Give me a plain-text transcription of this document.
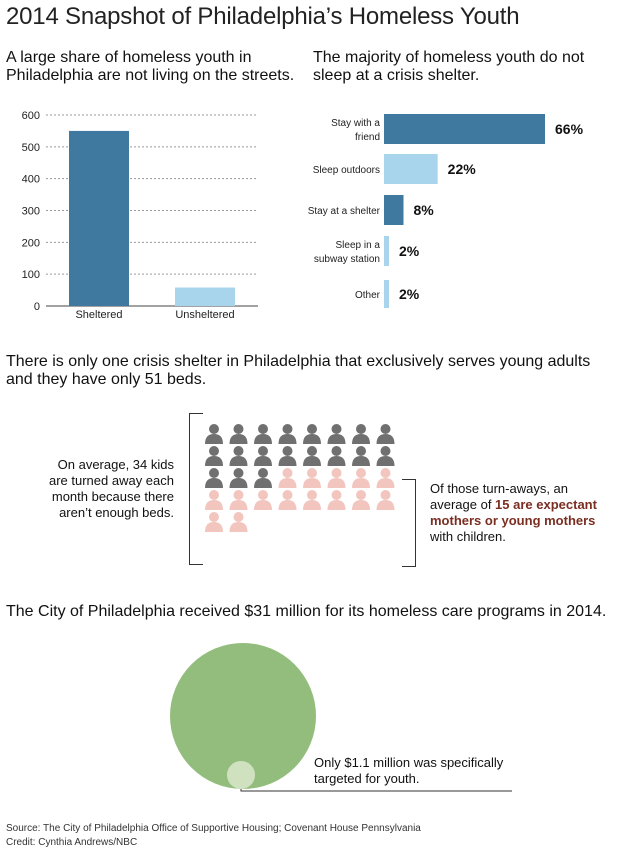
2014 Snapshot of Philadelphia’s Homeless Youth
A large share of homeless youth in Philadelphia are not living on the streets.
The majority of homeless youth do not sleep at a crisis shelter.
0
100
200
300
400
500
600
Sheltered	Unsheltered
Stay with a friend
66%
Sleep outdoors	22%
Stay at a shelter 8%
Sleep in a subway station
2%
Other 2%
There is only one crisis shelter in Philadelphia that exclusively serves young adults and they have only 51 beds.
On average, 34 kids are turned away each month because there aren’t enough beds.
Of those turn-aways, an average of 15 are expectant mothers or young mothers with children.
The City of Philadelphia received $31 million for its homeless care programs in 2014.
Only $1.1 million was specifically targeted for youth.
Source: The City of Philadelphia Office of Supportive Housing; Covenant House Pennsylvania
Credit: Cynthia Andrews/NBC
